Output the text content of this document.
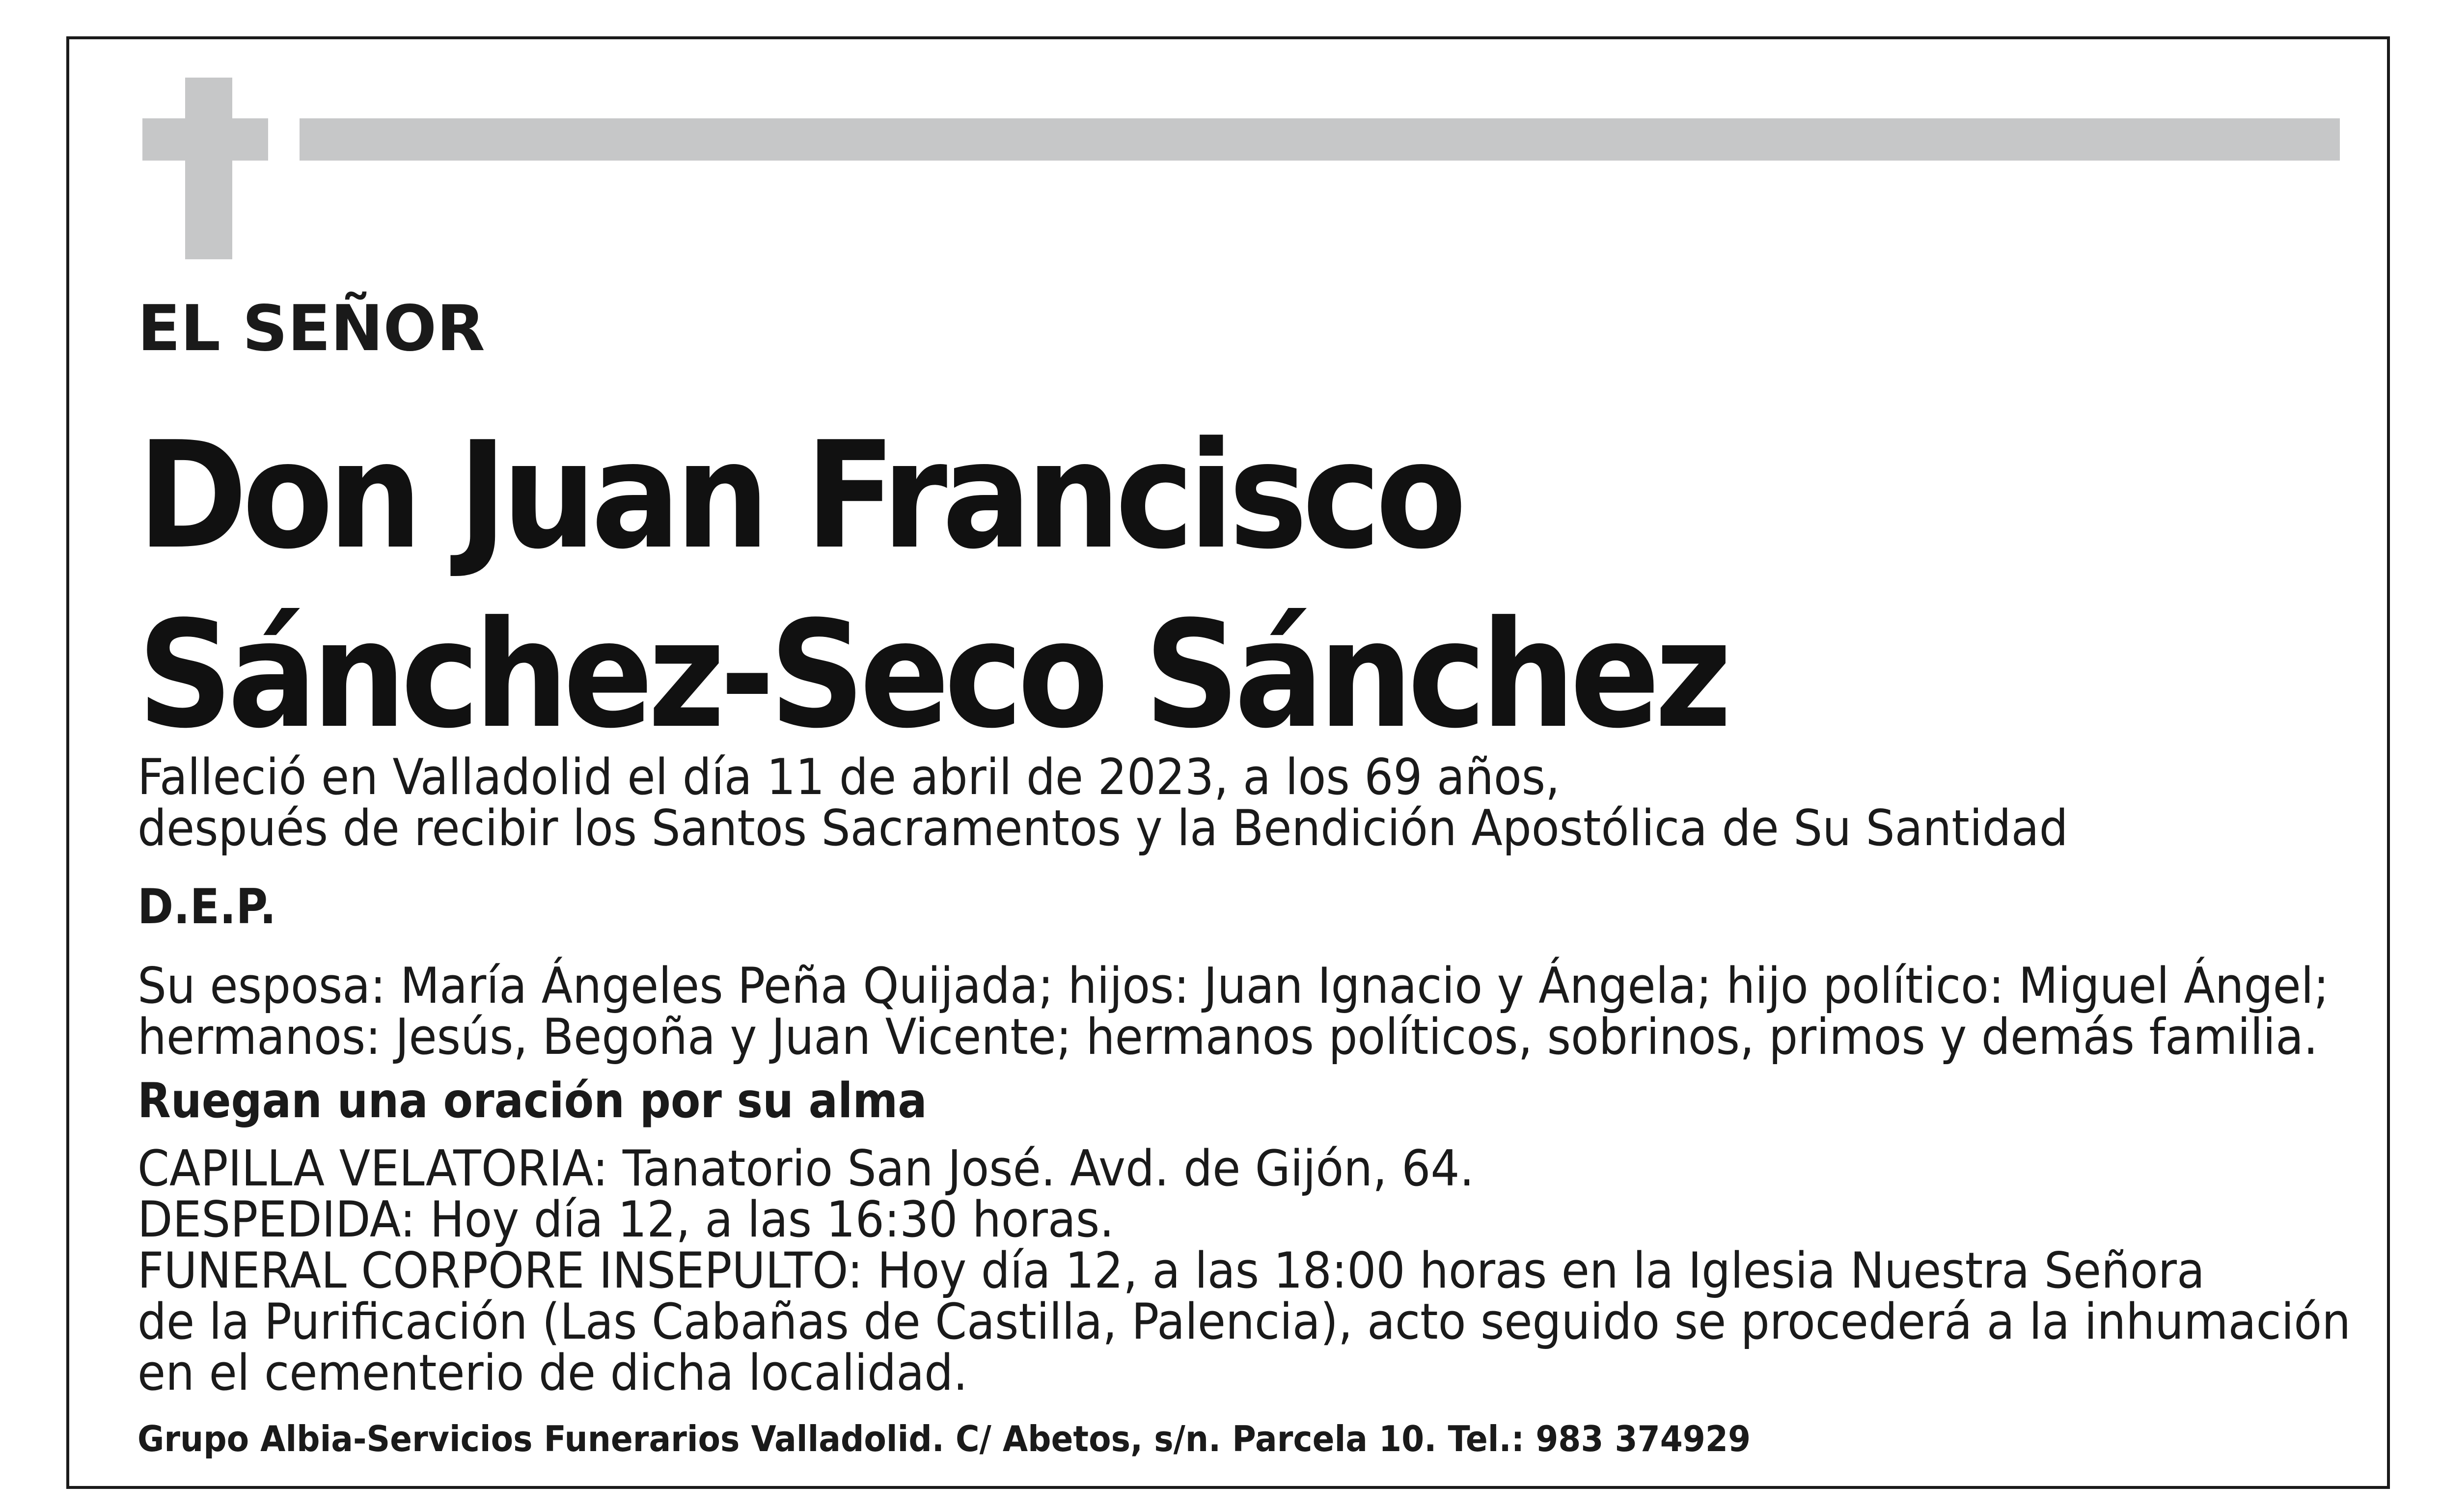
EL SEÑOR

Don Juan Francisco

Sánchez-Seco Sánchez

Falleció en Valladolid el día 11 de abril de 2023, a los 69 años,

después de recibir los Santos Sacramentos y la Bendición Apostólica de Su Santidad

D.E.P.

Su esposa: María Ángeles Peña Quijada; hijos: Juan Ignacio y Ángela; hijo político: Miguel Ángel;

hermanos: Jesús, Begoña y Juan Vicente; hermanos políticos, sobrinos, primos y demás familia.

Ruegan una oración por su alma

CAPILLA VELATORIA: Tanatorio San José. Avd. de Gijón, 64.

DESPEDIDA: Hoy día 12, a las 16:30 horas.

FUNERAL CORPORE INSEPULTO: Hoy día 12, a las 18:00 horas en la Iglesia Nuestra Señora

de la Purificación (Las Cabañas de Castilla, Palencia), acto seguido se procederá a la inhumación

en el cementerio de dicha localidad.

Grupo Albia-Servicios Funerarios Valladolid. C/ Abetos, s/n. Parcela 10. Tel.: 983 374929
